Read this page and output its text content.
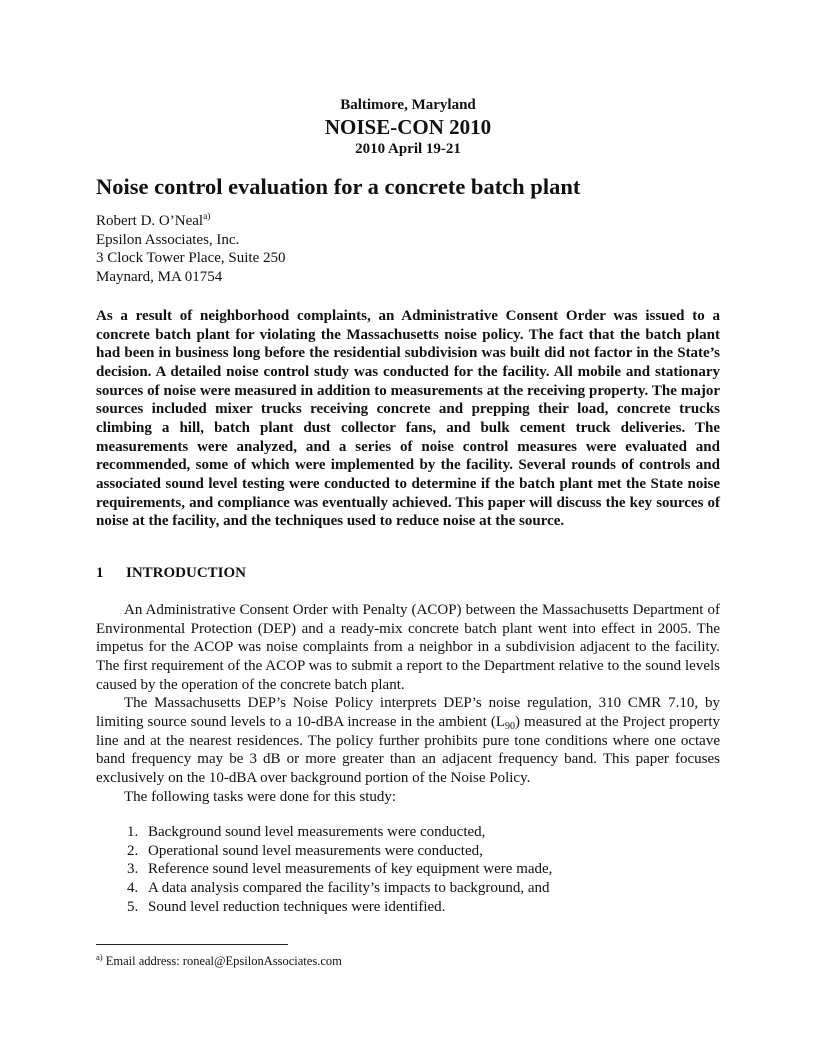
Baltimore, Maryland
NOISE-CON 2010
2010 April 19-21
Noise control evaluation for a concrete batch plant
Robert D. O’Neal$^{a)}$
Epsilon Associates, Inc.
3 Clock Tower Place, Suite 250
Maynard, MA 01754

As a result of neighborhood complaints, an Administrative Consent Order was issued to a concrete batch plant for violating the Massachusetts noise policy. The fact that the batch plant had been in business long before the residential subdivision was built did not factor in the State’s decision. A detailed noise control study was conducted for the facility. All mobile and stationary sources of noise were measured in addition to measurements at the receiving property. The major sources included mixer trucks receiving concrete and prepping their load, concrete trucks climbing a hill, batch plant dust collector fans, and bulk cement truck deliveries. The measurements were analyzed, and a series of noise control measures were evaluated and recommended, some of which were implemented by the facility. Several rounds of controls and associated sound level testing were conducted to determine if the batch plant met the State noise requirements, and compliance was eventually achieved. This paper will discuss the key sources of noise at the facility, and the techniques used to reduce noise at the source.

1 INTRODUCTION

An Administrative Consent Order with Penalty (ACOP) between the Massachusetts Department of Environmental Protection (DEP) and a ready-mix concrete batch plant went into effect in 2005. The impetus for the ACOP was noise complaints from a neighbor in a subdivision adjacent to the facility. The first requirement of the ACOP was to submit a report to the Department relative to the sound levels caused by the operation of the concrete batch plant.

The Massachusetts DEP’s Noise Policy interprets DEP’s noise regulation, 310 CMR 7.10, by limiting source sound levels to a 10-dBA increase in the ambient $(L_{90})$ measured at the Project property line and at the nearest residences. The policy further prohibits pure tone conditions where one octave band frequency may be 3 dB or more greater than an adjacent frequency band. This paper focuses exclusively on the 10-dBA over background portion of the Noise Policy.

The following tasks were done for this study:

1. Background sound level measurements were conducted,
2. Operational sound level measurements were conducted,
3. Reference sound level measurements of key equipment were made,
4. A data analysis compared the facility’s impacts to background, and
5. Sound level reduction techniques were identified.
$^{a)}$ Email address: roneal@EpsilonAssociates.com
